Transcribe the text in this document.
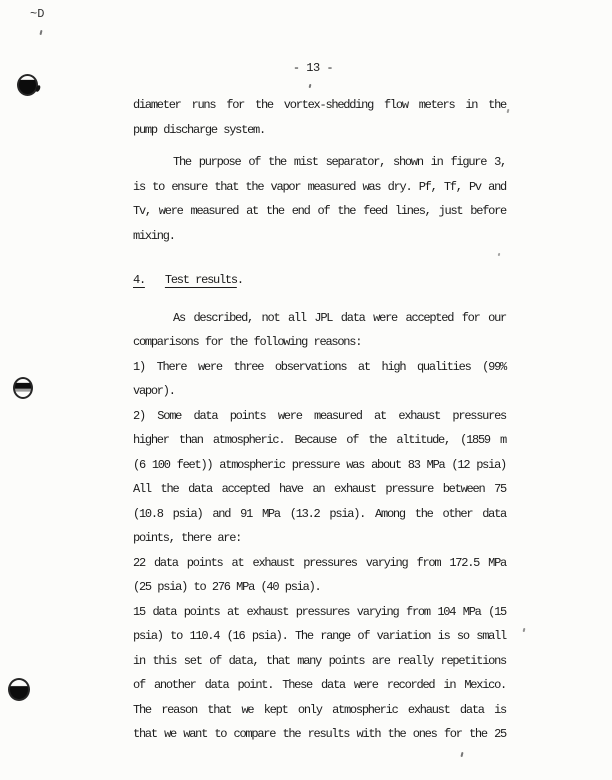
~D
- 13 -
diameter runs for the vortex-shedding flow meters in the
pump discharge system.
The purpose of the mist separator, shown in figure 3,
is to ensure that the vapor measured was dry. Pf, Tf, Pv and
Tv, were measured at the end of the feed lines, just before
mixing.
4. Test results.
As described, not all JPL data were accepted for our
comparisons for the following reasons:
1) There were three observations at high qualities (99%
vapor).
2) Some data points were measured at exhaust pressures
higher than atmospheric. Because of the altitude, (1859 m
(6 100 feet)) atmospheric pressure was about 83 MPa (12 psia)
All the data accepted have an exhaust pressure between 75
(10.8 psia) and 91 MPa (13.2 psia). Among the other data
points, there are:
22 data points at exhaust pressures varying from 172.5 MPa
(25 psia) to 276 MPa (40 psia).
15 data points at exhaust pressures varying from 104 MPa (15
psia) to 110.4 (16 psia). The range of variation is so small
in this set of data, that many points are really repetitions
of another data point. These data were recorded in Mexico.
The reason that we kept only atmospheric exhaust data is
that we want to compare the results with the ones for the 25
